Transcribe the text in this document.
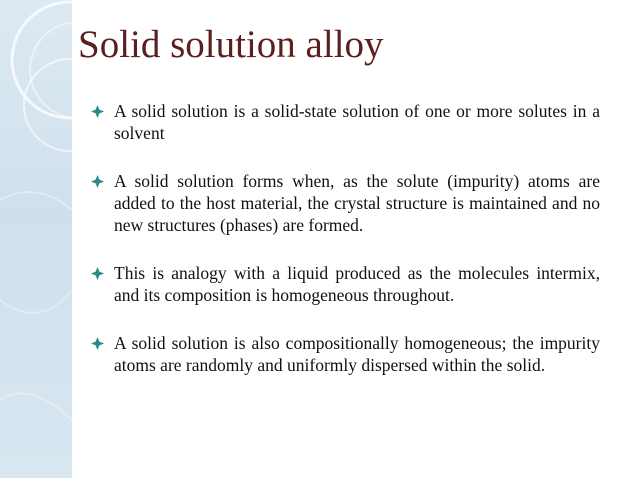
Solid solution alloy
A solid solution is a solid-state solution of one or more solutes in a solvent
A solid solution forms when, as the solute (impurity) atoms are added to the host material, the crystal structure is maintained and no new structures (phases) are formed.
This is analogy with a liquid produced as the molecules intermix, and its composition is homogeneous throughout.
A solid solution is also compositionally homogeneous; the impurity atoms are randomly and uniformly dispersed within the solid.
